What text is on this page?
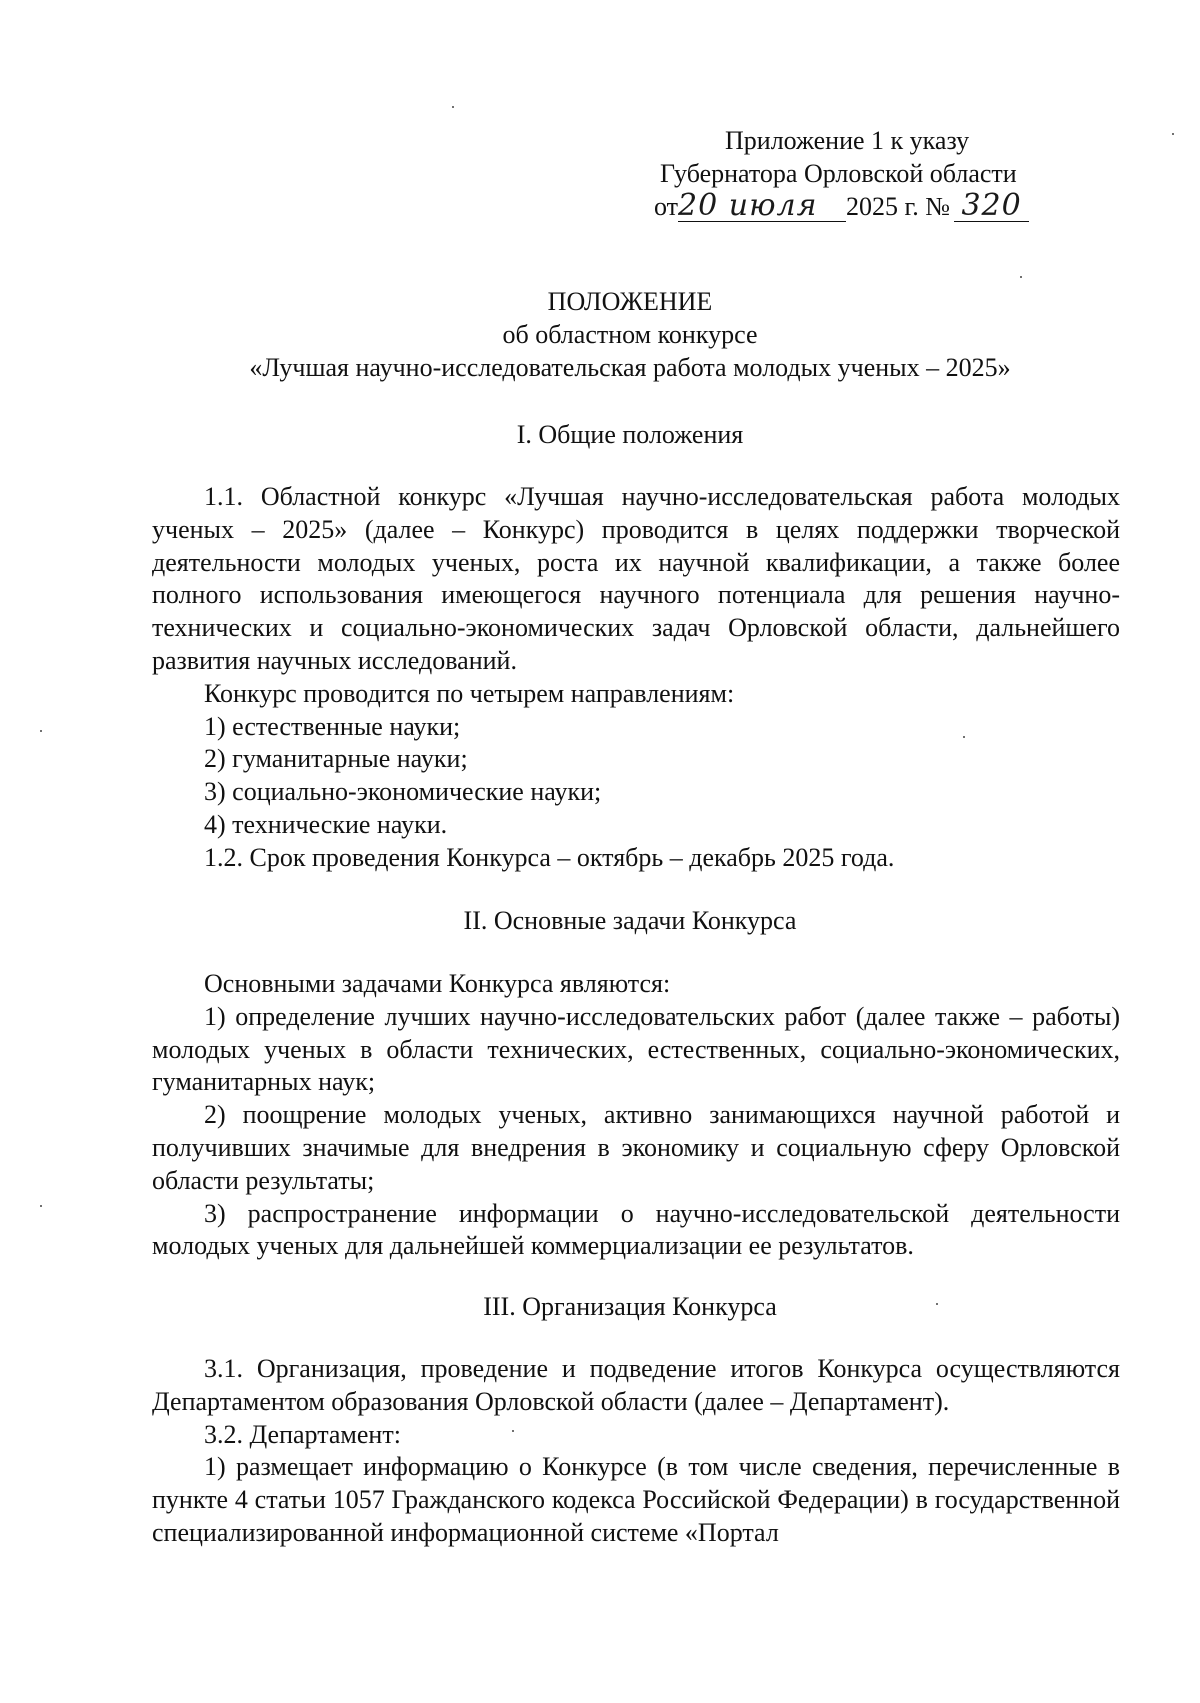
Приложение 1 к указу
Губернатора Орловской области
от20 июля 2025 г. № 320
ПОЛОЖЕНИЕ
об областном конкурсе
«Лучшая научно-исследовательская работа молодых ученых – 2025»
I. Общие положения

1.1. Областной конкурс «Лучшая научно-исследовательская работа молодых ученых – 2025» (далее – Конкурс) проводится в целях поддержки творческой деятельности молодых ученых, роста их научной квалификации, а также более полного использования имеющегося научного потенциала для решения научно-технических и социально-экономических задач Орловской области, дальнейшего развития научных исследований.

Конкурс проводится по четырем направлениям:

1) естественные науки;

2) гуманитарные науки;

3) социально-экономические науки;

4) технические науки.

1.2. Срок проведения Конкурса – октябрь – декабрь 2025 года.

II. Основные задачи Конкурса

Основными задачами Конкурса являются:

1) определение лучших научно-исследовательских работ (далее также – работы) молодых ученых в области технических, естественных, социально-экономических, гуманитарных наук;

2) поощрение молодых ученых, активно занимающихся научной работой и получивших значимые для внедрения в экономику и социальную сферу Орловской области результаты;

3) распространение информации о научно-исследовательской деятельности молодых ученых для дальнейшей коммерциализации ее результатов.

III. Организация Конкурса

3.1. Организация, проведение и подведение итогов Конкурса осуществляются Департаментом образования Орловской области (далее – Департамент).

3.2. Департамент:

1) размещает информацию о Конкурсе (в том числе сведения, перечисленные в пункте 4 статьи 1057 Гражданского кодекса Российской Федерации) в государственной специализированной информационной системе «Портал
